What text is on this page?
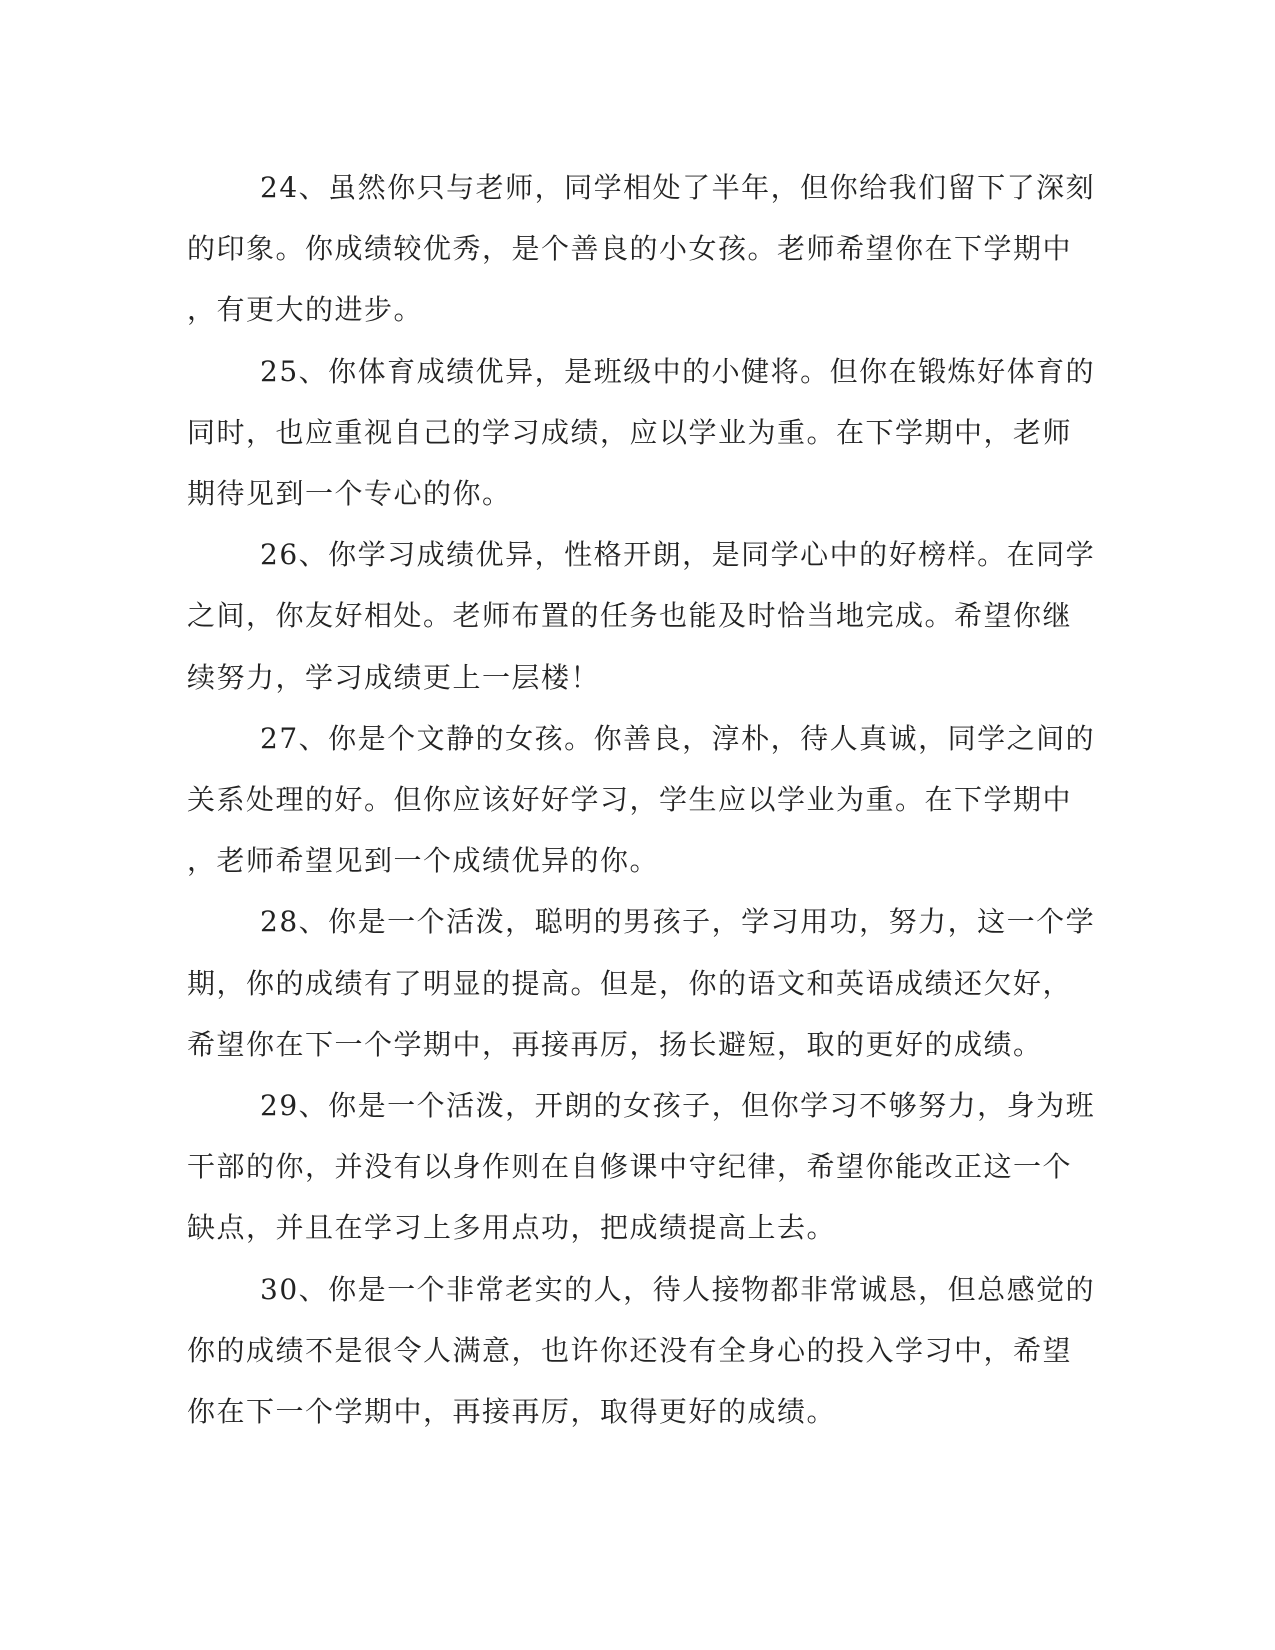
24、虽然你只与老师，同学相处了半年，但你给我们留下了深刻
的印象。你成绩较优秀，是个善良的小女孩。老师希望你在下学期中
，有更大的进步。

25、你体育成绩优异，是班级中的小健将。但你在锻炼好体育的
同时，也应重视自己的学习成绩，应以学业为重。在下学期中，老师
期待见到一个专心的你。

26、你学习成绩优异，性格开朗，是同学心中的好榜样。在同学
之间，你友好相处。老师布置的任务也能及时恰当地完成。希望你继
续努力，学习成绩更上一层楼！

27、你是个文静的女孩。你善良，淳朴，待人真诚，同学之间的
关系处理的好。但你应该好好学习，学生应以学业为重。在下学期中
，老师希望见到一个成绩优异的你。

28、你是一个活泼，聪明的男孩子，学习用功，努力，这一个学
期，你的成绩有了明显的提高。但是，你的语文和英语成绩还欠好，
希望你在下一个学期中，再接再厉，扬长避短，取的更好的成绩。

29、你是一个活泼，开朗的女孩子，但你学习不够努力，身为班
干部的你，并没有以身作则在自修课中守纪律，希望你能改正这一个
缺点，并且在学习上多用点功，把成绩提高上去。

30、你是一个非常老实的人，待人接物都非常诚恳，但总感觉的
你的成绩不是很令人满意，也许你还没有全身心的投入学习中，希望
你在下一个学期中，再接再厉，取得更好的成绩。
